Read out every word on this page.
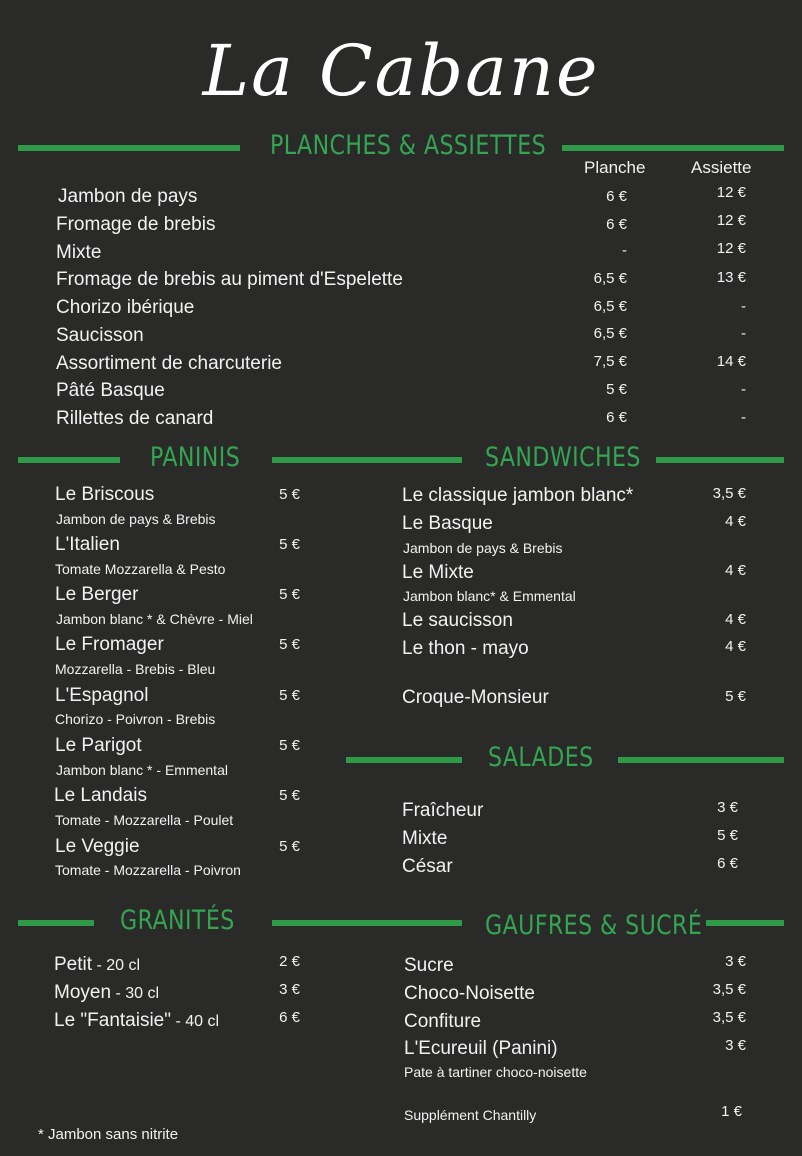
La Cabane
PLANCHES & ASSIETTES
Planche	Assiette
Jambon de pays	6 €	12 €
Fromage de brebis	6 €	12 €
Mixte	-	12 €
Fromage de brebis au piment d'Espelette	6,5 €	13 €
Chorizo ibérique	6,5 €	-
Saucisson	6,5 €	-
Assortiment de charcuterie	7,5 €	14 €
Pâté Basque	5 €	-
Rillettes de canard	6 €	-
PANINIS	SANDWICHES
Le Briscous	5 €
Jambon de pays & Brebis
L'Italien	5 €
Tomate Mozzarella & Pesto
Le Berger	5 €
Jambon blanc * & Chèvre - Miel
Le Fromager	5 €
Mozzarella - Brebis - Bleu
L'Espagnol	5 €
Chorizo - Poivron - Brebis
Le Parigot	5 €
Jambon blanc * - Emmental
Le Landais	5 €
Tomate - Mozzarella - Poulet
Le Veggie	5 €
Tomate - Mozzarella - Poivron
Le classique jambon blanc*	3,5 €
Le Basque	4 €
Jambon de pays & Brebis
Le Mixte	4 €
Jambon blanc* & Emmental
Le saucisson	4 €
Le thon - mayo	4 €
Croque-Monsieur	5 €
SALADES
Fraîcheur	3 €
Mixte	5 €
César	6 €
GRANITÉS	GAUFRES & SUCRÉ
Petit - 20 cl	2 €
Moyen - 30 cl	3 €
Le "Fantaisie" - 40 cl	6 €
Sucre	3 €
Choco-Noisette	3,5 €
Confiture	3,5 €
L'Ecureuil (Panini)	3 €
Pate à tartiner choco-noisette
Supplément Chantilly	1 €
* Jambon sans nitrite
